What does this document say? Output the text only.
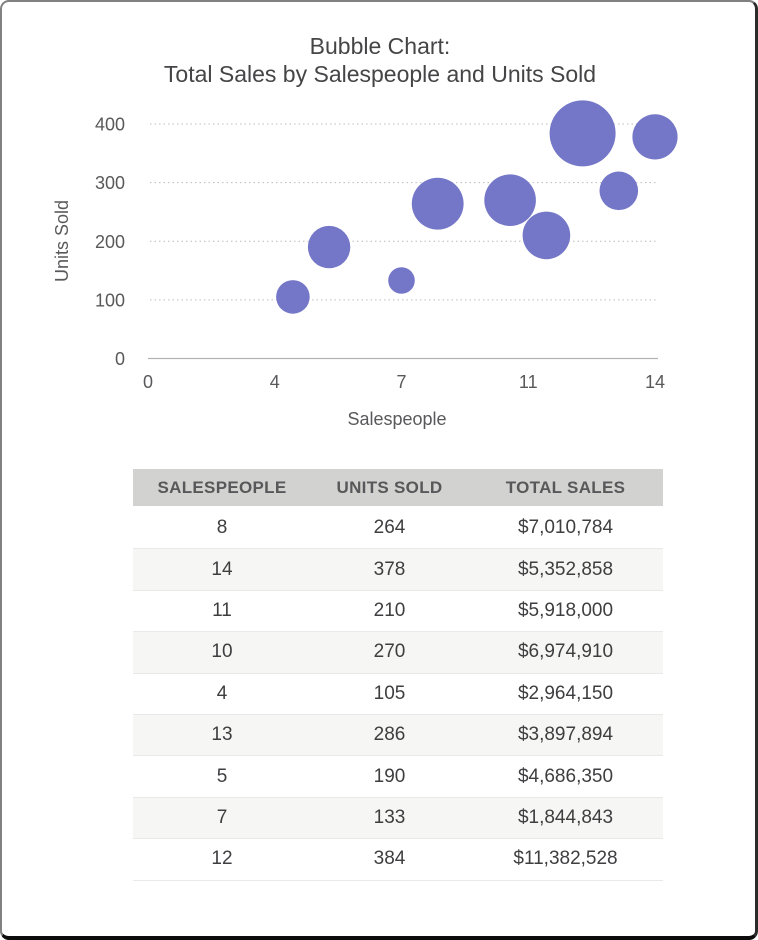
Bubble Chart:
Total Sales by Salespeople and Units Sold
0
100
200
300
400
0	4	7	11	14
Units Sold
Salespeople
SALESPEOPLE	UNITS SOLD	TOTAL SALES
8	264	$7,010,784
14	378	$5,352,858
11	210	$5,918,000
10	270	$6,974,910
4	105	$2,964,150
13	286	$3,897,894
5	190	$4,686,350
7	133	$1,844,843
12	384	$11,382,528
